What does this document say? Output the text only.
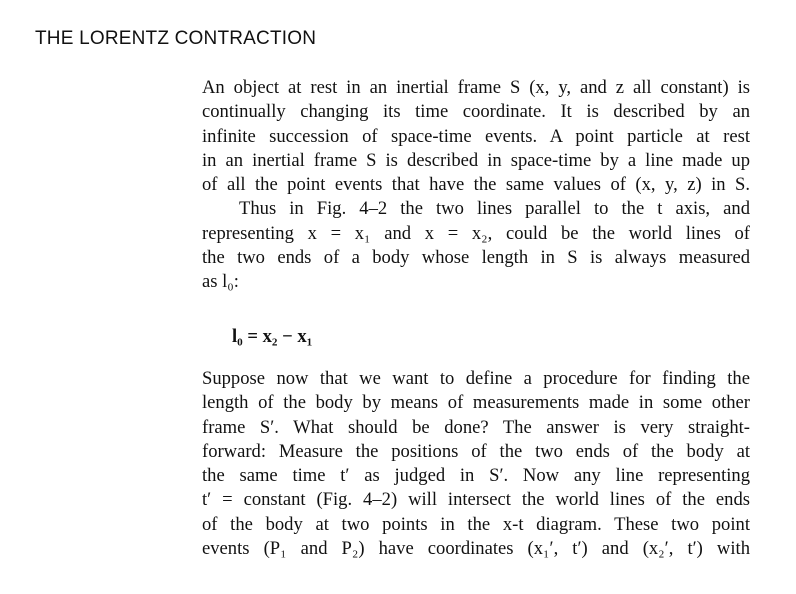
THE LORENTZ CONTRACTION
An object at rest in an inertial frame S (x, y, and z all constant) is
continually changing its time coordinate. It is described by an
infinite succession of space-time events. A point particle at rest
in an inertial frame S is described in space-time by a line made up
of all the point events that have the same values of (x, y, z) in S.
Thus in Fig. 4–2 the two lines parallel to the t axis, and
representing x = x₁ and x = x₂, could be the world lines of
the two ends of a body whose length in S is always measured
as l₀:
l₀ = x₂ − x₁
Suppose now that we want to define a procedure for finding the
length of the body by means of measurements made in some other
frame S′. What should be done? The answer is very straight-
forward: Measure the positions of the two ends of the body at
the same time t′ as judged in S′. Now any line representing
t′ = constant (Fig. 4–2) will intersect the world lines of the ends
of the body at two points in the x-t diagram. These two point
events (P₁ and P₂) have coordinates (x₁′, t′) and (x₂′, t′) with
